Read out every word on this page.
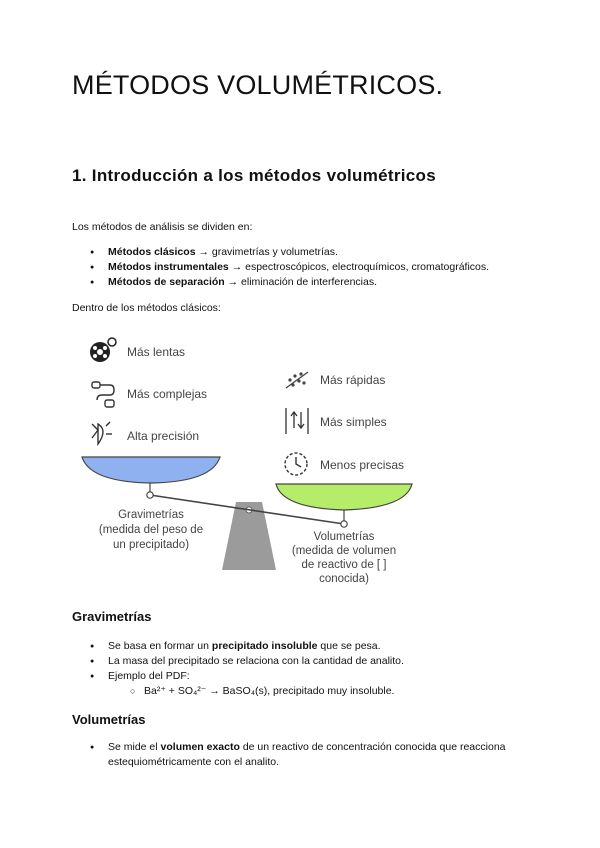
MÉTODOS VOLUMÉTRICOS.
1. Introducción a los métodos volumétricos

Los métodos de análisis se dividen en:

● Métodos clásicos → gravimetrías y volumetrías.
● Métodos instrumentales → espectroscópicos, electroquímicos, cromatográficos.
● Métodos de separación → eliminación de interferencias.

Dentro de los métodos clásicos:

Más lentas
Más complejas
Alta precisión
Más rápidas
Más simples
Menos precisas
Gravimetrías
(medida del peso de
un precipitado)
Volumetrías
(medida de volumen
de reactivo de [ ]
conocida)
Gravimetrías
● Se basa en formar un precipitado insoluble que se pesa.
● La masa del precipitado se relaciona con la cantidad de analito.
● Ejemplo del PDF:
○ Ba²⁺ + SO₄²⁻ → BaSO₄(s), precipitado muy insoluble.
Volumetrías
● Se mide el volumen exacto de un reactivo de concentración conocida que reacciona estequiométricamente con el analito.
